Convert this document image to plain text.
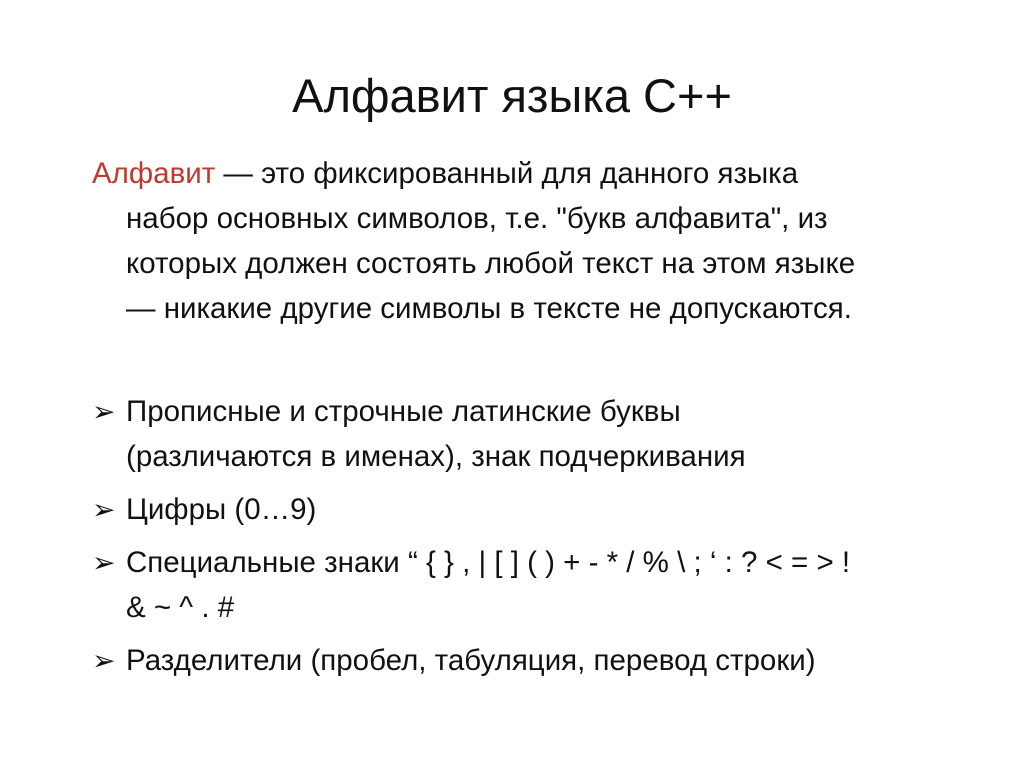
Алфавит языка С++
Алфавит — это фиксированный для данного языка
набор основных символов, т.е. "букв алфавита", из
которых должен состоять любой текст на этом языке
— никакие другие символы в тексте не допускаются.
➢ Прописные и строчные латинские буквы
(различаются в именах), знак подчеркивания
➢ Цифры (0…9)
➢ Специальные знаки “ { } , | [ ] ( ) + - * / % \ ; ‘ : ? < = > !
& ~ ^ . #
➢ Разделители (пробел, табуляция, перевод строки)
